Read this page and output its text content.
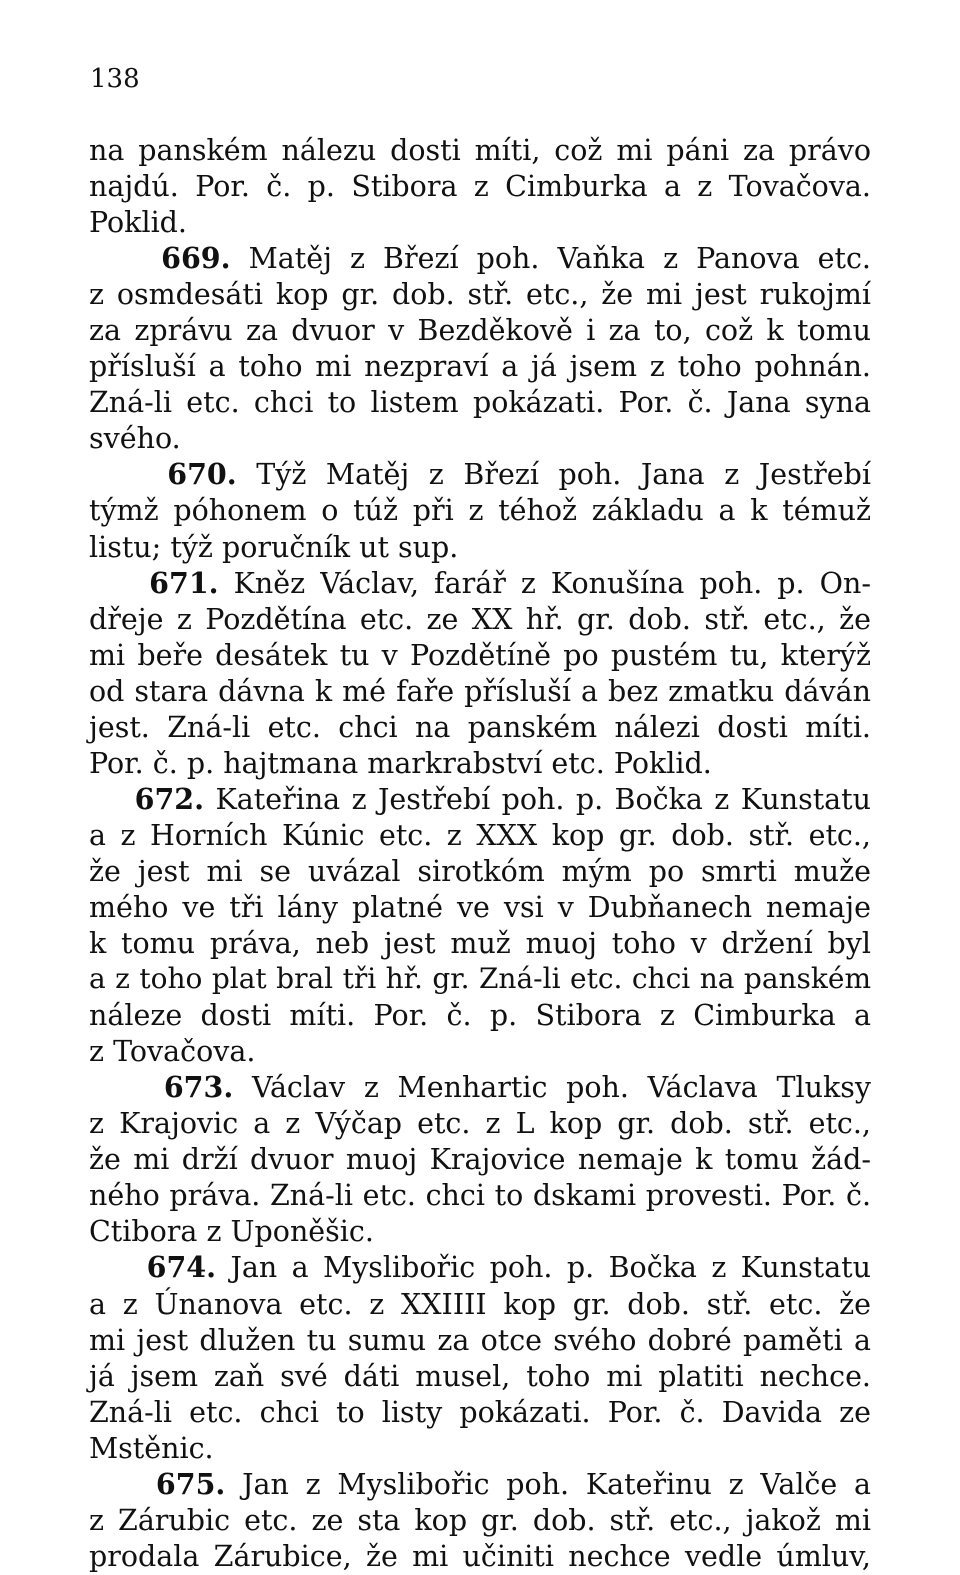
138
na panském nálezu dosti míti, což mi páni za právo
najdú. Por. č. p. Stibora z Cimburka a z Tovačova.
Poklid.
669. Matěj z Březí poh. Vaňka z Panova etc.
z osmdesáti kop gr. dob. stř. etc., že mi jest rukojmí
za zprávu za dvuor v Bezděkově i za to, což k tomu
přísluší a toho mi nezpraví a já jsem z toho pohnán.
Zná-li etc. chci to listem pokázati. Por. č. Jana syna
svého.
670. Týž Matěj z Březí poh. Jana z Jestřebí
týmž póhonem o túž při z téhož základu a k témuž
listu; týž poručník ut sup.
671. Kněz Václav, farář z Konušína poh. p. On-
dřeje z Pozdětína etc. ze XX hř. gr. dob. stř. etc., že
mi beře desátek tu v Pozdětíně po pustém tu, kterýž
od stara dávna k mé faře přísluší a bez zmatku dáván
jest. Zná-li etc. chci na panském nálezi dosti míti.
Por. č. p. hajtmana markrabství etc. Poklid.
672. Kateřina z Jestřebí poh. p. Bočka z Kunstatu
a z Horních Kúnic etc. z XXX kop gr. dob. stř. etc.,
že jest mi se uvázal sirotkóm mým po smrti muže
mého ve tři lány platné ve vsi v Dubňanech nemaje
k tomu práva, neb jest muž muoj toho v držení byl
a z toho plat bral tři hř. gr. Zná-li etc. chci na panském
náleze dosti míti. Por. č. p. Stibora z Cimburka a
z Tovačova.
673. Václav z Menhartic poh. Václava Tluksy
z Krajovic a z Výčap etc. z L kop gr. dob. stř. etc.,
že mi drží dvuor muoj Krajovice nemaje k tomu žád-
ného práva. Zná-li etc. chci to dskami provesti. Por. č.
Ctibora z Uponěšic.
674. Jan a Myslibořic poh. p. Bočka z Kunstatu
a z Únanova etc. z XXIIII kop gr. dob. stř. etc. že
mi jest dlužen tu sumu za otce svého dobré paměti a
já jsem zaň své dáti musel, toho mi platiti nechce.
Zná-li etc. chci to listy pokázati. Por. č. Davida ze
Mstěnic.
675. Jan z Myslibořic poh. Kateřinu z Valče a
z Zárubic etc. ze sta kop gr. dob. stř. etc., jakož mi
prodala Zárubice, že mi učiniti nechce vedle úmluv,
